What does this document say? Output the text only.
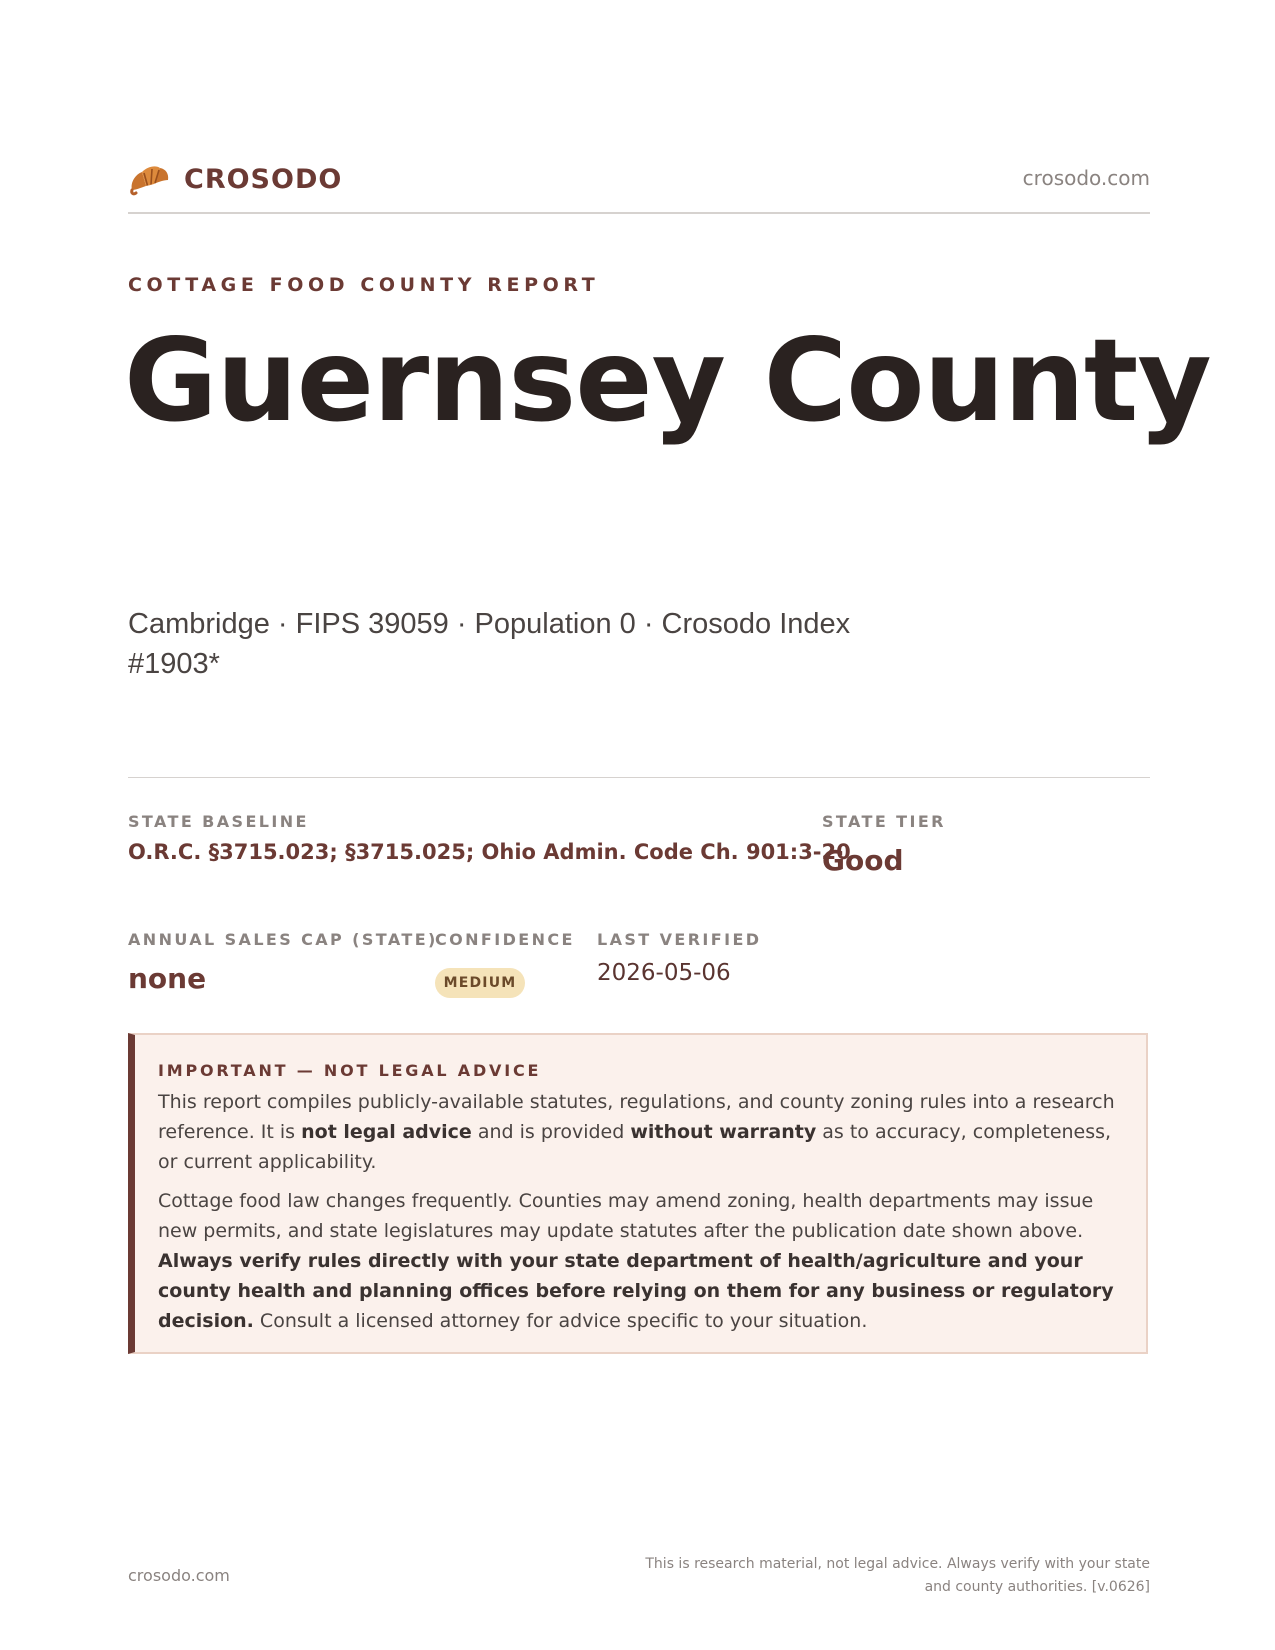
CROSODO	crosodo.com
COTTAGE FOOD COUNTY REPORT
Guernsey County
Cambridge · FIPS 39059 · Population 0 · Crosodo Index #1903*
STATE BASELINE
O.R.C. §3715.023; §3715.025; Ohio Admin. Code Ch. 901:3-20
STATE TIER
Good
ANNUAL SALES CAP (STATE)
none
CONFIDENCE
MEDIUM
LAST VERIFIED
2026-05-06
IMPORTANT — NOT LEGAL ADVICE

This report compiles publicly-available statutes, regulations, and county zoning rules into a research reference. It is not legal advice and is provided without warranty as to accuracy, completeness, or current applicability.

Cottage food law changes frequently. Counties may amend zoning, health departments may issue new permits, and state legislatures may update statutes after the publication date shown above. Always verify rules directly with your state department of health/agriculture and your county health and planning offices before relying on them for any business or regulatory decision. Consult a licensed attorney for advice specific to your situation.

crosodo.com
This is research material, not legal advice. Always verify with your state and county authorities. [v.0626]
